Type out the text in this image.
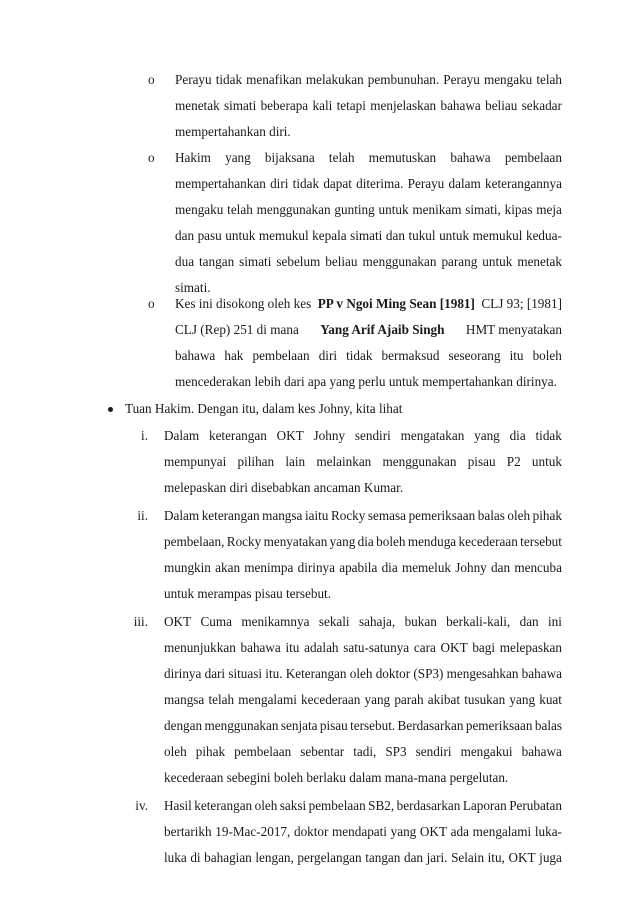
o Perayu tidak menafikan melakukan pembunuhan. Perayu mengaku telah
menetak simati beberapa kali tetapi menjelaskan bahawa beliau sekadar
mempertahankan diri.
o Hakim yang bijaksana telah memutuskan bahawa pembelaan
mempertahankan diri tidak dapat diterima. Perayu dalam keterangannya
mengaku telah menggunakan gunting untuk menikam simati, kipas meja
dan pasu untuk memukul kepala simati dan tukul untuk memukul kedua-
dua tangan simati sebelum beliau menggunakan parang untuk menetak
simati.
o Kes ini disokong oleh kes PP v Ngoi Ming Sean [1981] CLJ 93; [1981]
CLJ (Rep) 251 di mana Yang Arif Ajaib Singh HMT menyatakan
bahawa hak pembelaan diri tidak bermaksud seseorang itu boleh
mencederakan lebih dari apa yang perlu untuk mempertahankan dirinya.
Tuan Hakim. Dengan itu, dalam kes Johny, kita lihat
i. Dalam keterangan OKT Johny sendiri mengatakan yang dia tidak
mempunyai pilihan lain melainkan menggunakan pisau P2 untuk
melepaskan diri disebabkan ancaman Kumar.
ii. Dalam keterangan mangsa iaitu Rocky semasa pemeriksaan balas oleh pihak
pembelaan, Rocky menyatakan yang dia boleh menduga kecederaan tersebut
mungkin akan menimpa dirinya apabila dia memeluk Johny dan mencuba
untuk merampas pisau tersebut.
iii. OKT Cuma menikamnya sekali sahaja, bukan berkali-kali, dan ini
menunjukkan bahawa itu adalah satu-satunya cara OKT bagi melepaskan
dirinya dari situasi itu. Keterangan oleh doktor (SP3) mengesahkan bahawa
mangsa telah mengalami kecederaan yang parah akibat tusukan yang kuat
dengan menggunakan senjata pisau tersebut. Berdasarkan pemeriksaan balas
oleh pihak pembelaan sebentar tadi, SP3 sendiri mengakui bahawa
kecederaan sebegini boleh berlaku dalam mana-mana pergelutan.
iv. Hasil keterangan oleh saksi pembelaan SB2, berdasarkan Laporan Perubatan
bertarikh 19-Mac-2017, doktor mendapati yang OKT ada mengalami luka-
luka di bahagian lengan, pergelangan tangan dan jari. Selain itu, OKT juga
